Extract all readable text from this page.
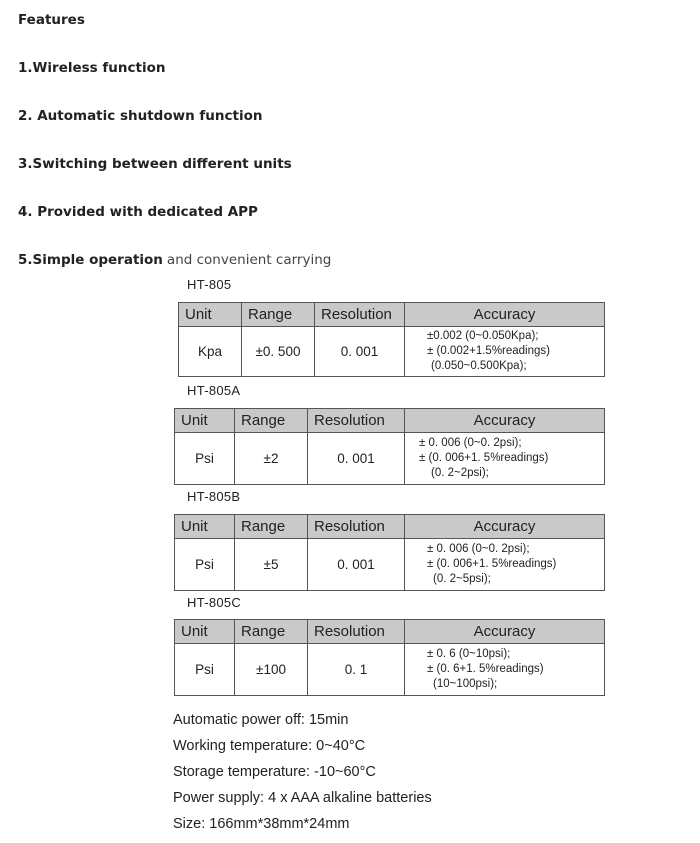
Features
1.Wireless function
2. Automatic shutdown function
3.Switching between different units
4. Provided with dedicated APP
5.Simple operation and convenient carrying
HT-805
Unit	Range	Resolution	Accuracy
Kpa	±0. 500	0. 001	±0.002 (0~0.050Kpa);
± (0.002+1.5%readings)
(0.050~0.500Kpa);
HT-805A
Unit	Range	Resolution	Accuracy
Psi	±2	0. 001	± 0. 006 (0~0. 2psi);
± (0. 006+1. 5%readings)
(0. 2~2psi);
HT-805B
Unit	Range	Resolution	Accuracy
Psi	±5	0. 001	± 0. 006 (0~0. 2psi);
± (0. 006+1. 5%readings)
(0. 2~5psi);
HT-805C
Unit	Range	Resolution	Accuracy
Psi	±100	0. 1	± 0. 6 (0~10psi);
± (0. 6+1. 5%readings)
(10~100psi);
Automatic power off: 15min
Working temperature: 0~40°C
Storage temperature: -10~60°C
Power supply: 4 x AAA alkaline batteries
Size: 166mm*38mm*24mm
